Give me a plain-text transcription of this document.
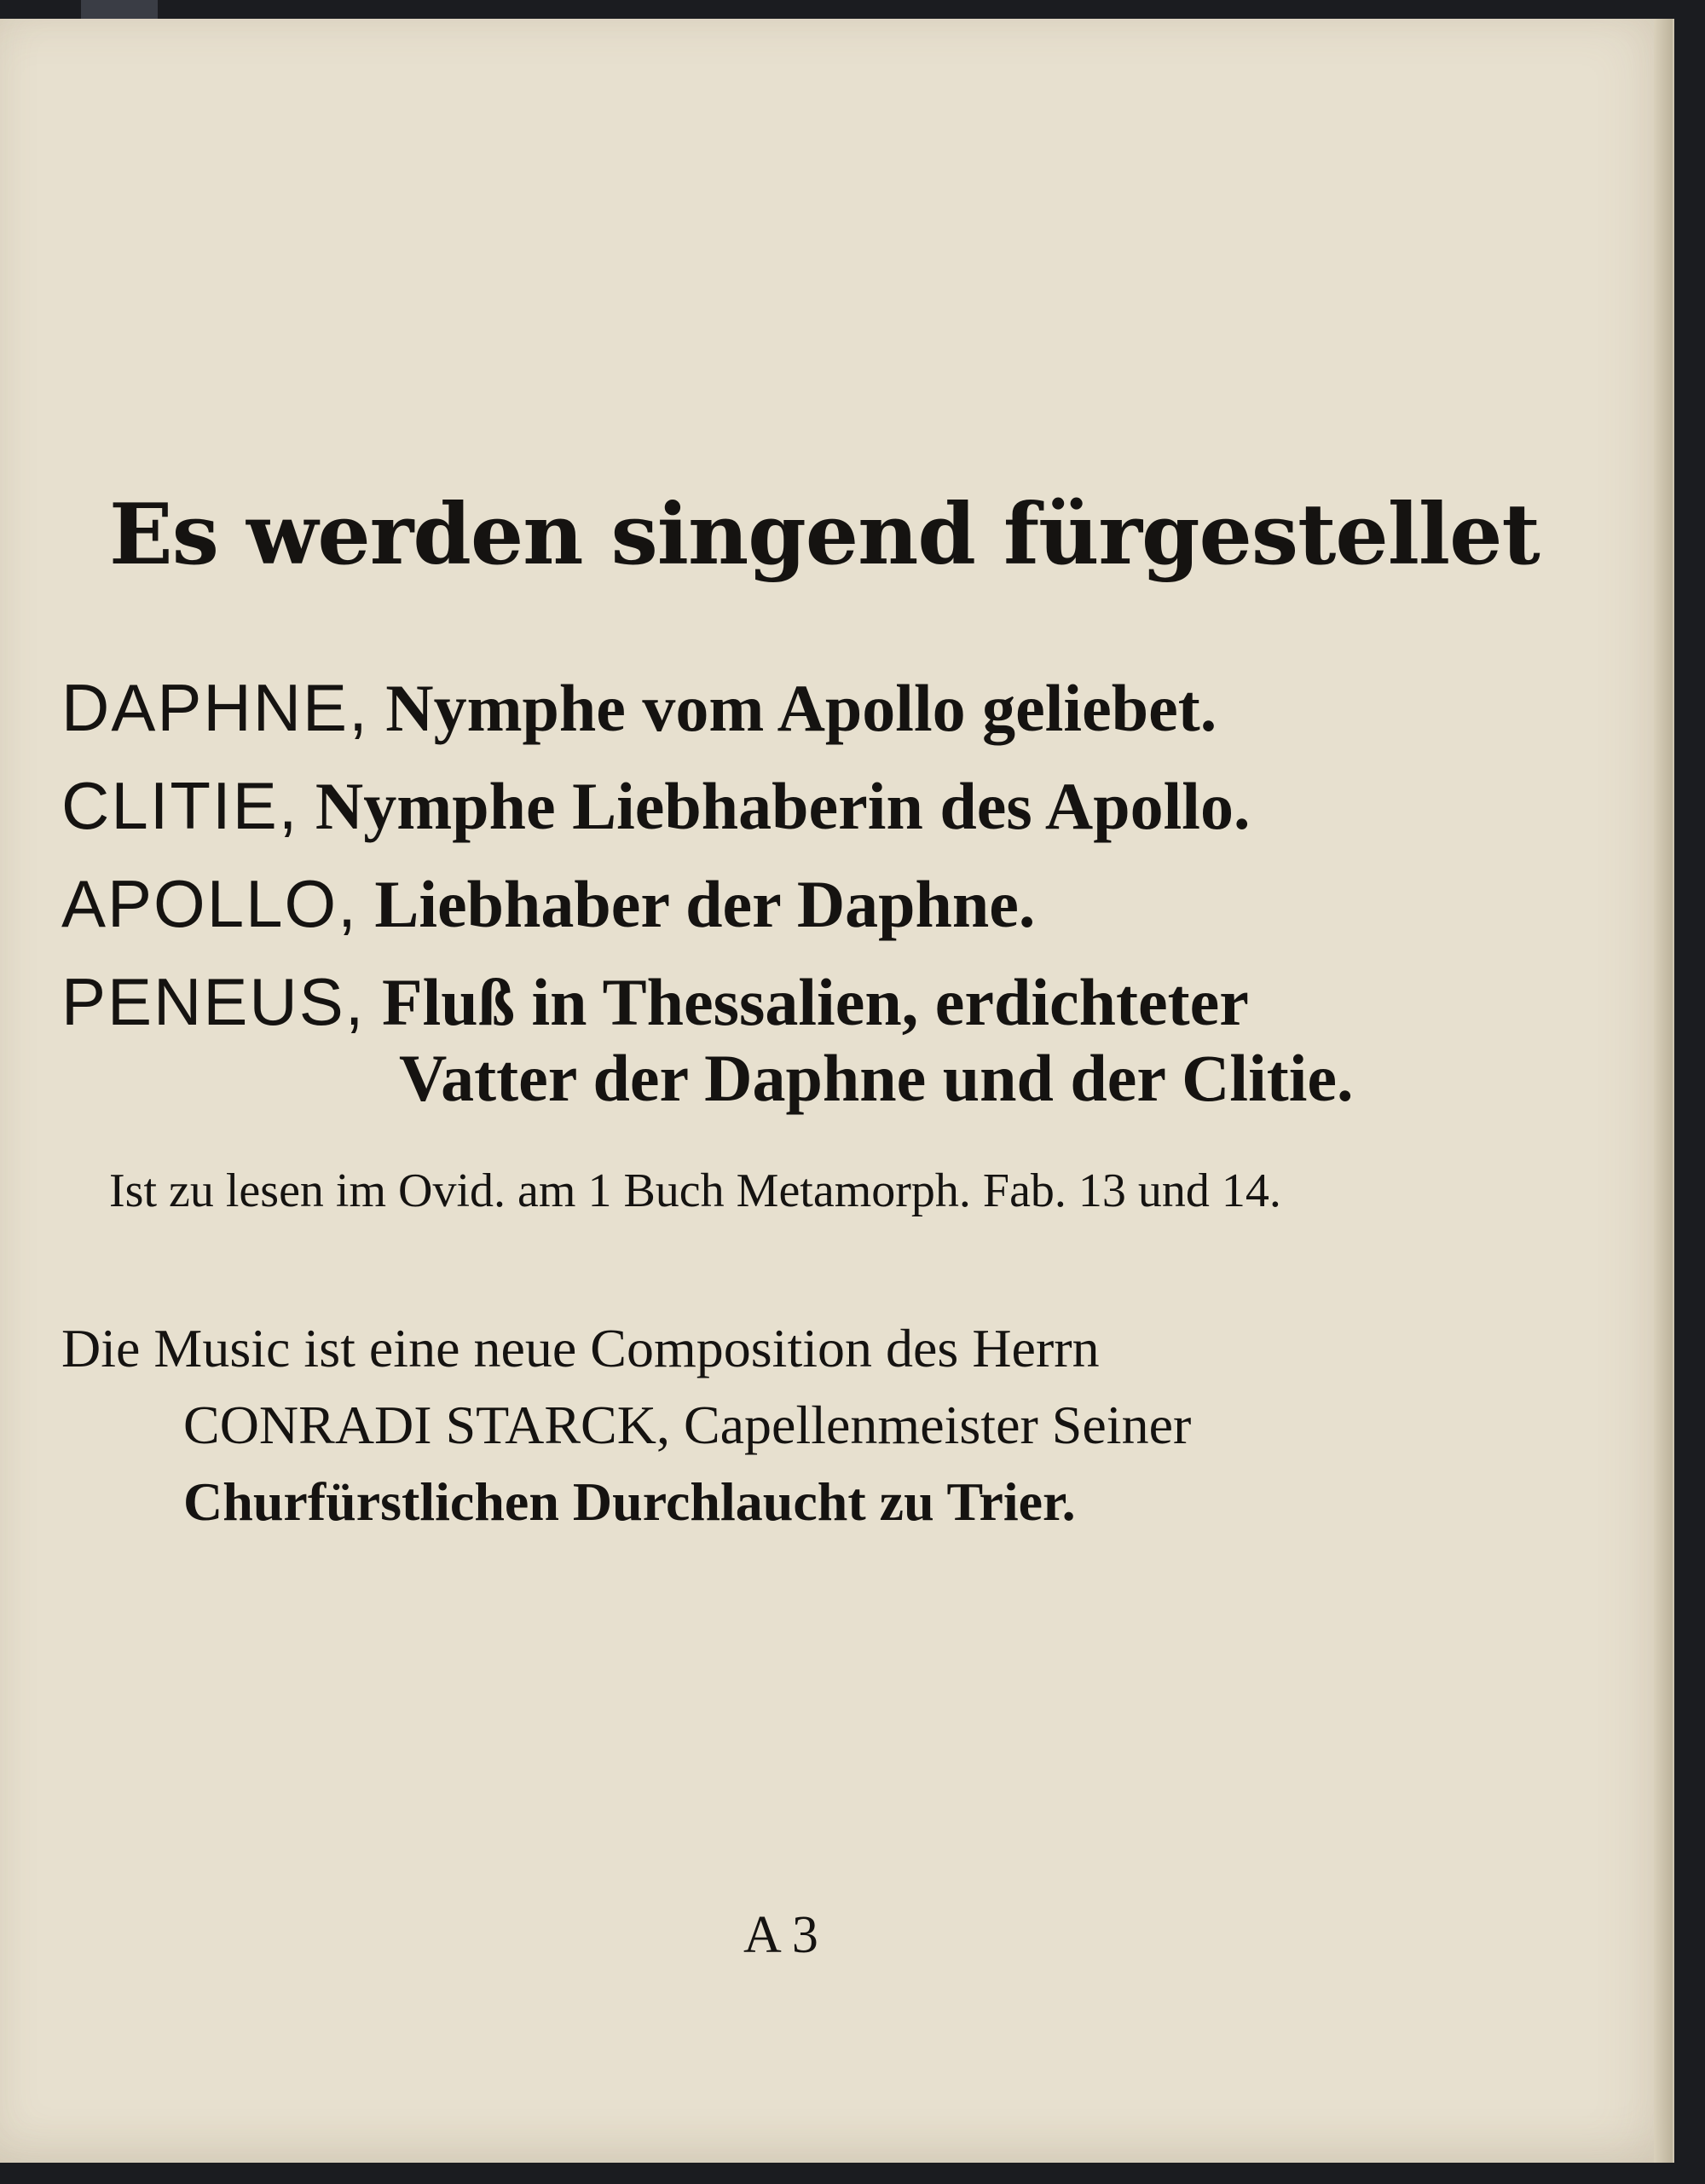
Es werden singend fürgestellet
DAPHNE, Nymphe vom Apollo geliebet.
CLITIE, Nymphe Liebhaberin des Apollo.
APOLLO, Liebhaber der Daphne.
PENEUS, Fluß in Thessalien, erdichteter
Vatter der Daphne und der Clitie.
Ist zu lesen im Ovid. am 1 Buch Metamorph. Fab. 13 und 14.
Die Music ist eine neue Composition des Herrn
CONRADI STARCK, Capellenmeister Seiner
Churfürstlichen Durchlaucht zu Trier.
A 3
